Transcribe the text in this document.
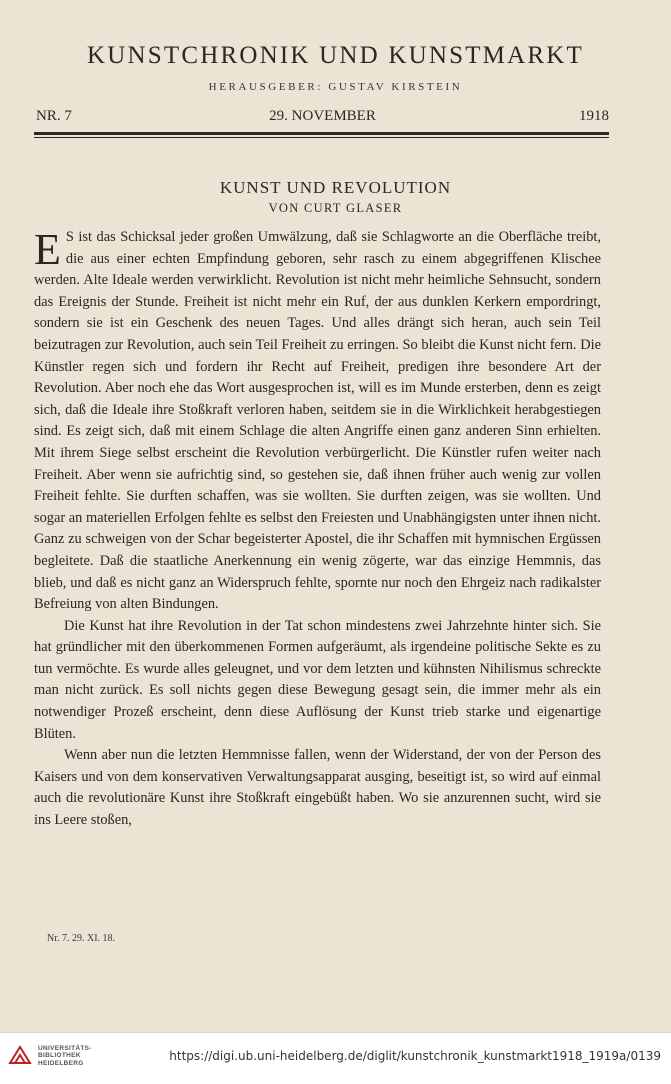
KUNSTCHRONIK UND KUNSTMARKT
HERAUSGEBER: GUSTAV KIRSTEIN
NR. 7	29. NOVEMBER	1918
KUNST UND REVOLUTION
VON CURT GLASER

E S ist das Schicksal jeder großen Umwälzung, daß sie Schlagworte an die Oberfläche treibt, die aus einer echten Empfindung geboren, sehr rasch zu einem abgegriffenen Klischee werden. Alte Ideale werden verwirklicht. Revolution ist nicht mehr heimliche Sehnsucht, sondern das Ereignis der Stunde. Freiheit ist nicht mehr ein Ruf, der aus dunklen Kerkern empordringt, sondern sie ist ein Geschenk des neuen Tages. Und alles drängt sich heran, auch sein Teil beizutragen zur Revolution, auch sein Teil Freiheit zu erringen. So bleibt die Kunst nicht fern. Die Künstler regen sich und fordern ihr Recht auf Freiheit, predigen ihre besondere Art der Revolution. Aber noch ehe das Wort ausgesprochen ist, will es im Munde ersterben, denn es zeigt sich, daß die Ideale ihre Stoßkraft verloren haben, seitdem sie in die Wirklichkeit herabgestiegen sind. Es zeigt sich, daß mit einem Schlage die alten Angriffe einen ganz anderen Sinn erhielten. Mit ihrem Siege selbst erscheint die Revolution verbürgerlicht. Die Künstler rufen weiter nach Freiheit. Aber wenn sie aufrichtig sind, so gestehen sie, daß ihnen früher auch wenig zur vollen Freiheit fehlte. Sie durften schaffen, was sie wollten. Sie durften zeigen, was sie wollten. Und sogar an materiellen Erfolgen fehlte es selbst den Freiesten und Unabhängigsten unter ihnen nicht. Ganz zu schweigen von der Schar begeisterter Apostel, die ihr Schaffen mit hymnischen Ergüssen begleitete. Daß die staatliche Anerkennung ein wenig zögerte, war das einzige Hemmnis, das blieb, und daß es nicht ganz an Widerspruch fehlte, spornte nur noch den Ehrgeiz nach radikalster Befreiung von alten Bindungen.

Die Kunst hat ihre Revolution in der Tat schon mindestens zwei Jahrzehnte hinter sich. Sie hat gründlicher mit den überkommenen Formen aufgeräumt, als irgendeine politische Sekte es zu tun vermöchte. Es wurde alles geleugnet, und vor dem letzten und kühnsten Nihilismus schreckte man nicht zurück. Es soll nichts gegen diese Bewegung gesagt sein, die immer mehr als ein notwendiger Prozeß erscheint, denn diese Auflösung der Kunst trieb starke und eigenartige Blüten.

Wenn aber nun die letzten Hemmnisse fallen, wenn der Widerstand, der von der Person des Kaisers und von dem konservativen Verwaltungsapparat ausging, beseitigt ist, so wird auf einmal auch die revolutionäre Kunst ihre Stoßkraft eingebüßt haben. Wo sie anzurennen sucht, wird sie ins Leere stoßen,

Nr. 7. 29. XI. 18.
UNIVERSITÄTS-
BIBLIOTHEK
HEIDELBERG
https://digi.ub.uni-heidelberg.de/diglit/kunstchronik_kunstmarkt1918_1919a/0139
